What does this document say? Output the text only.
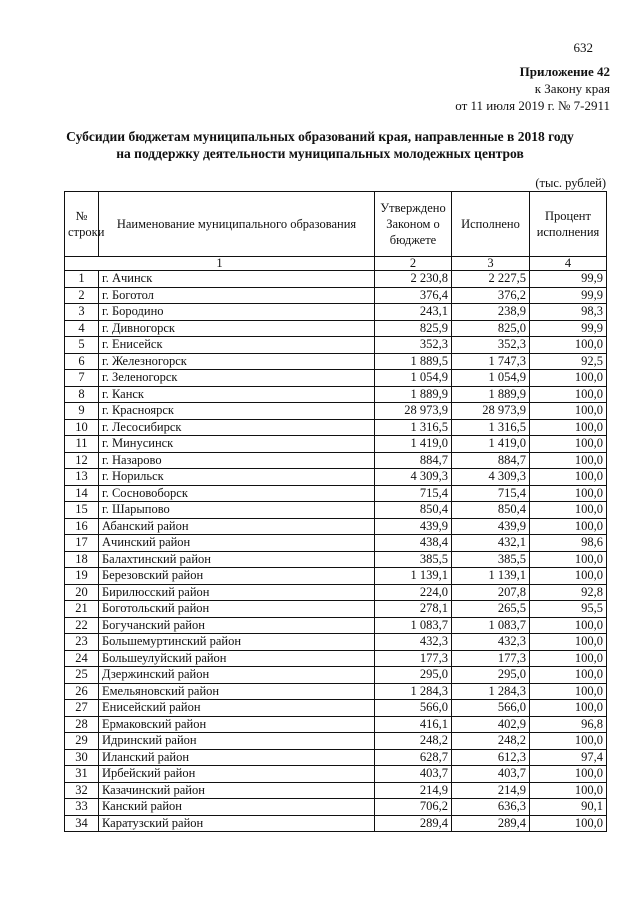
632
Приложение 42
к Закону края
от 11 июля 2019 г. № 7-2911
Субсидии бюджетам муниципальных образований края, направленные в 2018 году
на поддержку деятельности муниципальных молодежных центров
(тыс. рублей)
№ строки	Наименование муниципального образования	Утверждено Законом о бюджете	Исполнено	Процент исполнения
1		2	3	4
1	г. Ачинск	2 230,8	2 227,5	99,9
2	г. Боготол	376,4	376,2	99,9
3	г. Бородино	243,1	238,9	98,3
4	г. Дивногорск	825,9	825,0	99,9
5	г. Енисейск	352,3	352,3	100,0
6	г. Железногорск	1 889,5	1 747,3	92,5
7	г. Зеленогорск	1 054,9	1 054,9	100,0
8	г. Канск	1 889,9	1 889,9	100,0
9	г. Красноярск	28 973,9	28 973,9	100,0
10	г. Лесосибирск	1 316,5	1 316,5	100,0
11	г. Минусинск	1 419,0	1 419,0	100,0
12	г. Назарово	884,7	884,7	100,0
13	г. Норильск	4 309,3	4 309,3	100,0
14	г. Сосновоборск	715,4	715,4	100,0
15	г. Шарыпово	850,4	850,4	100,0
16	Абанский район	439,9	439,9	100,0
17	Ачинский район	438,4	432,1	98,6
18	Балахтинский район	385,5	385,5	100,0
19	Березовский район	1 139,1	1 139,1	100,0
20	Бирилюсский район	224,0	207,8	92,8
21	Боготольский район	278,1	265,5	95,5
22	Богучанский район	1 083,7	1 083,7	100,0
23	Большемуртинский район	432,3	432,3	100,0
24	Большеулуйский район	177,3	177,3	100,0
25	Дзержинский район	295,0	295,0	100,0
26	Емельяновский район	1 284,3	1 284,3	100,0
27	Енисейский район	566,0	566,0	100,0
28	Ермаковский район	416,1	402,9	96,8
29	Идринский район	248,2	248,2	100,0
30	Иланский район	628,7	612,3	97,4
31	Ирбейский район	403,7	403,7	100,0
32	Казачинский район	214,9	214,9	100,0
33	Канский район	706,2	636,3	90,1
34	Каратузский район	289,4	289,4	100,0
